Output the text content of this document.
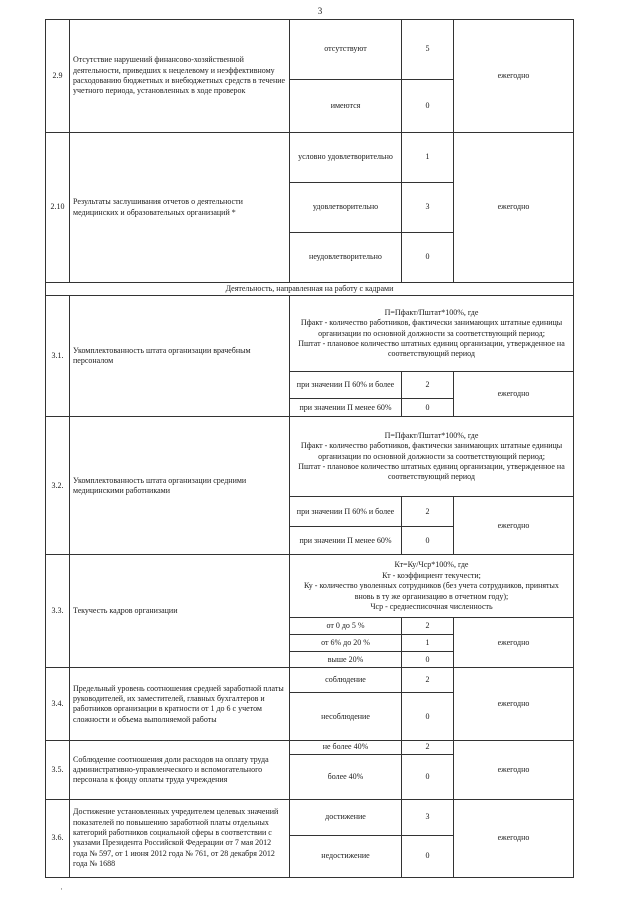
3
2.9	Отсутствие нарушений финансово-хозяйственной деятельности, приведших к нецелевому и неэффективному расходованию бюджетных и внебюджетных средств в течение учетного периода, установленных в ходе проверок	отсутствуют	5	ежегодно
		имеются	0	
2.10	Результаты заслушивания отчетов о деятельности медицинских и образовательных организаций *	условно удовлетворительно	1	ежегодно
		удовлетворительно	3	
		неудовлетворительно	0	
Деятельность, направленная на работу с кадрами				
3.1.	Укомплектованность штата организации врачебным персоналом	П=Пфакт/Пштат*100%, где
Пфакт - количество работников, фактически занимающих штатные единицы организации по основной должности за соответствующий период;
Пштат - плановое количество штатных единиц организации, утвержденное на соответствующий период		

		при значении П 60% и более	2	ежегодно
		при значении П менее 60%	0	
3.2.	Укомплектованность штата организации средними медицинскими работниками	П=Пфакт/Пштат*100%, где
Пфакт - количество работников, фактически занимающих штатные единицы организации по основной должности за соответствующий период;
Пштат - плановое количество штатных единиц организации, утвержденное на соответствующий период		

		при значении П 60% и более	2	ежегодно
		при значении П менее 60%	0	
3.3.	Текучесть кадров организации	Кт=Ку/Чср*100%, где
Кт - коэффициент текучести;
Ку - количество уволенных сотрудников (без учета сотрудников, принятых вновь в ту же организацию в отчетном году);
Чср - среднесписочная численность		

		от 0 до 5 %	2	ежегодно
		от 6% до 20 %	1	
		выше 20%	0	
3.4.	Предельный уровень соотношения средней заработной платы руководителей, их заместителей, главных бухгалтеров и работников организации в кратности от 1 до 6 с учетом сложности и объема выполняемой работы	соблюдение	2	ежегодно
		несоблюдение	0	
3.5.	Соблюдение соотношения доли расходов на оплату труда административно-управленческого и вспомогательного персонала к фонду оплаты труда учреждения	не более 40%	2	ежегодно
		более 40%	0	
3.6.	Достижение установленных учредителем целевых значений показателей по повышению заработной платы отдельных категорий работников социальной сферы в соответствии с указами Президента Российской Федерации от 7 мая 2012 года № 597, от 1 июня 2012 года № 761, от 28 декабря 2012 года № 1688	достижение	3	ежегодно
		недостижение	0	
·
